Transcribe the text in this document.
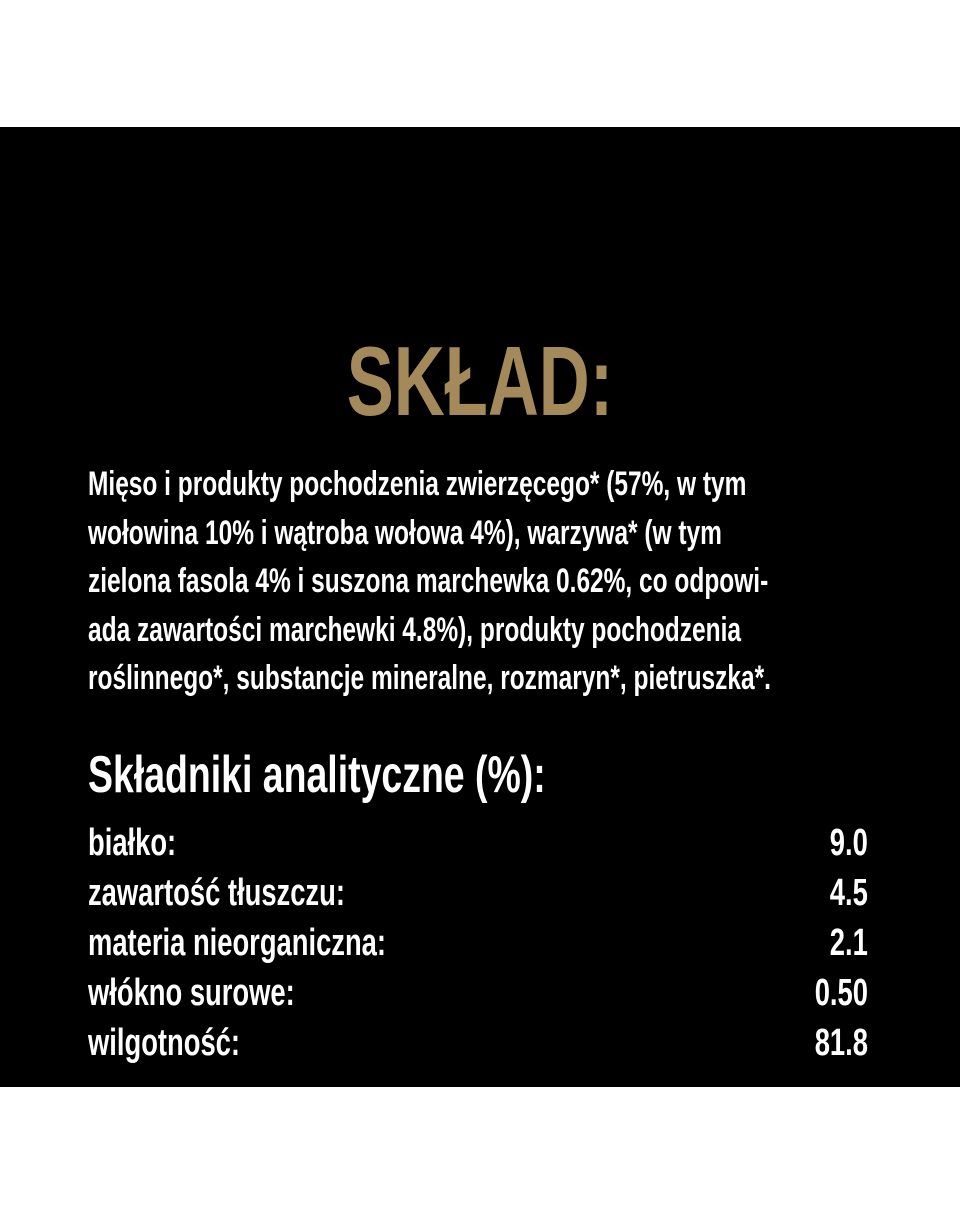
SKŁAD:

Mięso i produkty pochodzenia zwierzęcego* (57%, w tym
wołowina 10% i wątroba wołowa 4%), warzywa* (w tym
zielona fasola 4% i suszona marchewka 0.62%, co odpowi-
ada zawartości marchewki 4.8%), produkty pochodzenia
roślinnego*, substancje mineralne, rozmaryn*, pietruszka*.

Składniki analityczne (%):
białko:	9.0
zawartość tłuszczu:	4.5
materia nieorganiczna:	2.1
włókno surowe:	0.50
wilgotność:	81.8

*składniki naturalnego pochodzenia.
